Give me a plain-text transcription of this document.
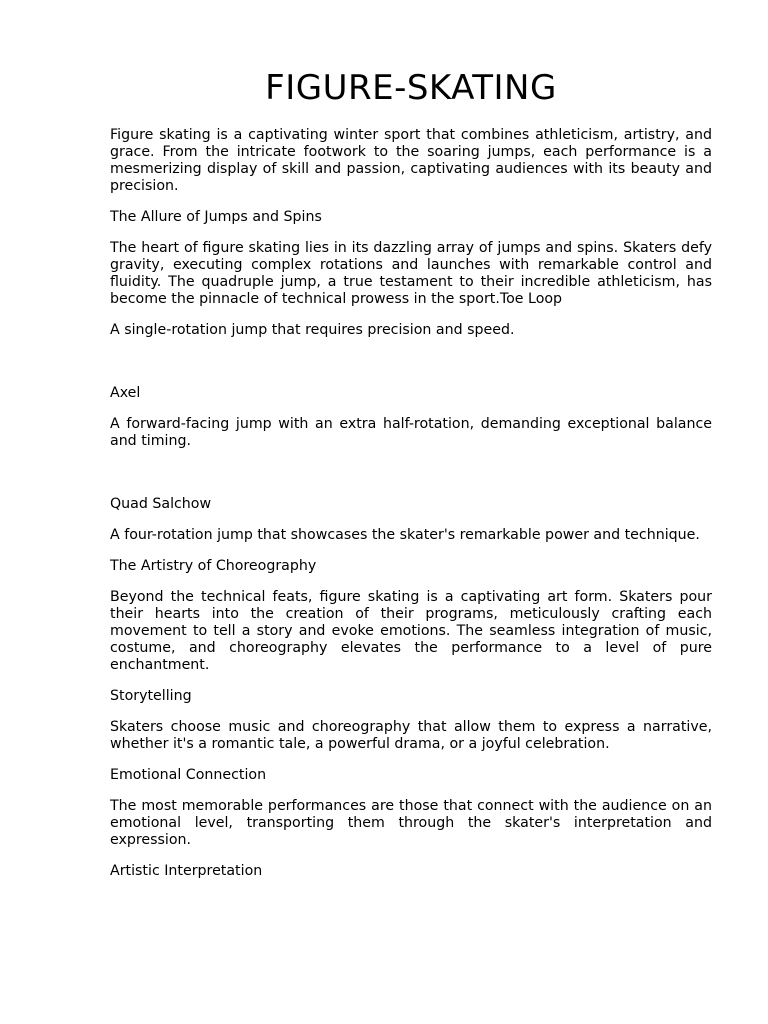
FIGURE-SKATING

Figure skating is a captivating winter sport that combines athleticism, artistry, and grace. From the intricate footwork to the soaring jumps, each performance is a mesmerizing display of skill and passion, captivating audiences with its beauty and precision.

The Allure of Jumps and Spins

The heart of figure skating lies in its dazzling array of jumps and spins. Skaters defy gravity, executing complex rotations and launches with remarkable control and fluidity. The quadruple jump, a true testament to their incredible athleticism, has become the pinnacle of technical prowess in the sport.Toe Loop

A single-rotation jump that requires precision and speed.

Axel

A forward-facing jump with an extra half-rotation, demanding exceptional balance and timing.

Quad Salchow

A four-rotation jump that showcases the skater's remarkable power and technique.

The Artistry of Choreography

Beyond the technical feats, figure skating is a captivating art form. Skaters pour their hearts into the creation of their programs, meticulously crafting each movement to tell a story and evoke emotions. The seamless integration of music, costume, and choreography elevates the performance to a level of pure enchantment.

Storytelling

Skaters choose music and choreography that allow them to express a narrative, whether it's a romantic tale, a powerful drama, or a joyful celebration.

Emotional Connection

The most memorable performances are those that connect with the audience on an emotional level, transporting them through the skater's interpretation and expression.

Artistic Interpretation
